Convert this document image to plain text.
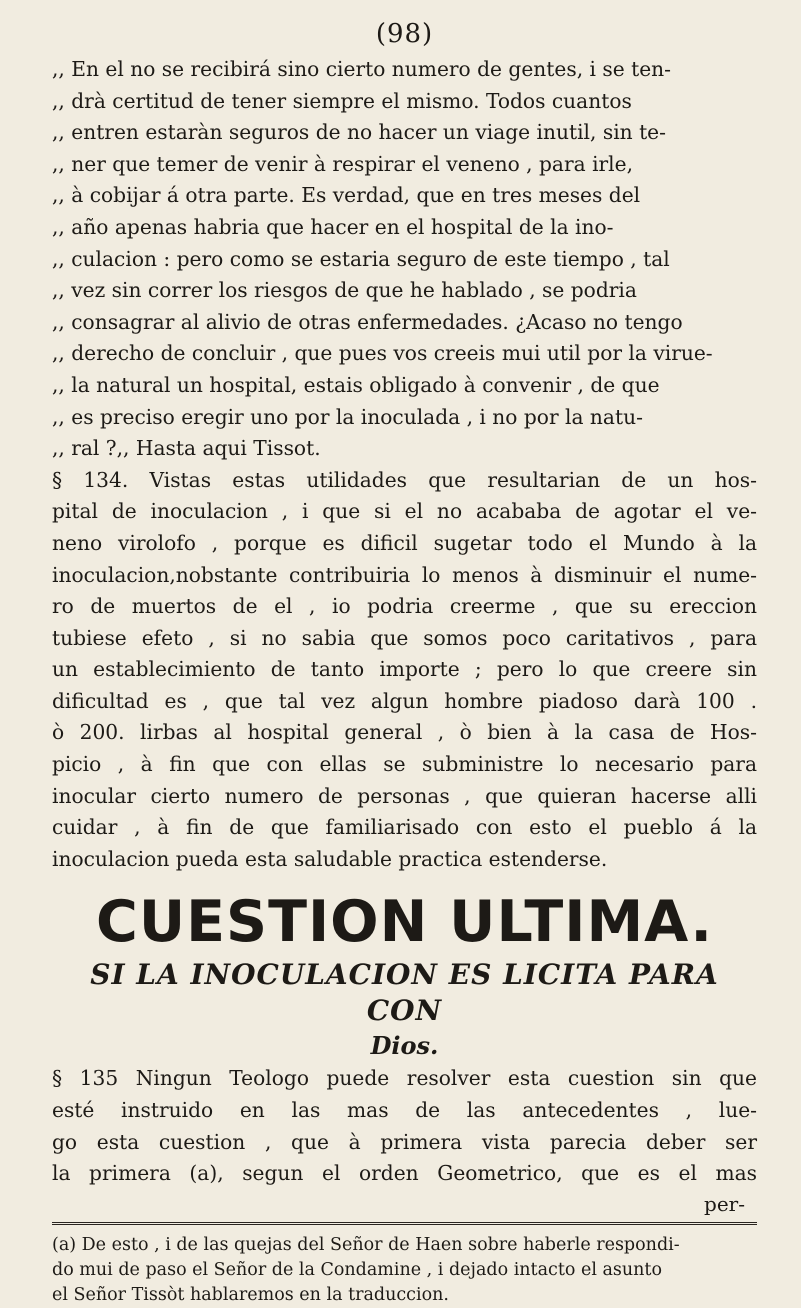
(98)

,, En el no se recibirá sino cierto numero de gentes, i se ten-

,, drà certitud de tener siempre el mismo. Todos cuantos

,, entren estaràn seguros de no hacer un viage inutil, sin te-

,, ner que temer de venir à respirar el veneno , para irle,

,, à cobijar á otra parte. Es verdad, que en tres meses del

,, año apenas habria que hacer en el hospital de la ino-

,, culacion : pero como se estaria seguro de este tiempo , tal

,, vez sin correr los riesgos de que he hablado , se podria

,, consagrar al alivio de otras enfermedades. ¿Acaso no tengo

,, derecho de concluir , que pues vos creeis mui util por la virue-

,, la natural un hospital, estais obligado à convenir , de que

,, es preciso eregir uno por la inoculada , i no por la natu-

,, ral ?,, Hasta aqui Tissot.

§ 134. Vistas estas utilidades que resultarian de un hos-
pital de inoculacion , i que si el no acababa de agotar el ve-
neno virolofo , porque es dificil sugetar todo el Mundo à la
inoculacion,nobstante contribuiria lo menos à disminuir el nume-
ro de muertos de el , io podria creerme , que su ereccion
tubiese efeto , si no sabia que somos poco caritativos , para
un establecimiento de tanto importe ; pero lo que creere sin
dificultad es , que tal vez algun hombre piadoso darà 100 .
ò 200. lirbas al hospital general , ò bien à la casa de Hos-
picio , à fin que con ellas se subministre lo necesario para
inocular cierto numero de personas , que quieran hacerse alli
cuidar , à fin de que familiarisado con esto el pueblo á la
inoculacion pueda esta saludable practica estenderse.
CUESTION ULTIMA.
SI LA INOCULACION ES LICITA PARA CON
Dios.
§ 135 Ningun Teologo puede resolver esta cuestion sin que
esté instruido en las mas de las antecedentes , lue-
go esta cuestion , que à primera vista parecia deber ser
la primera (a), segun el orden Geometrico, que es el mas
per-
(a) De esto , i de las quejas del Señor de Haen sobre haberle respondi-
do mui de paso el Señor de la Condamine , i dejado intacto el asunto
el Señor Tissòt hablaremos en la traduccion.
